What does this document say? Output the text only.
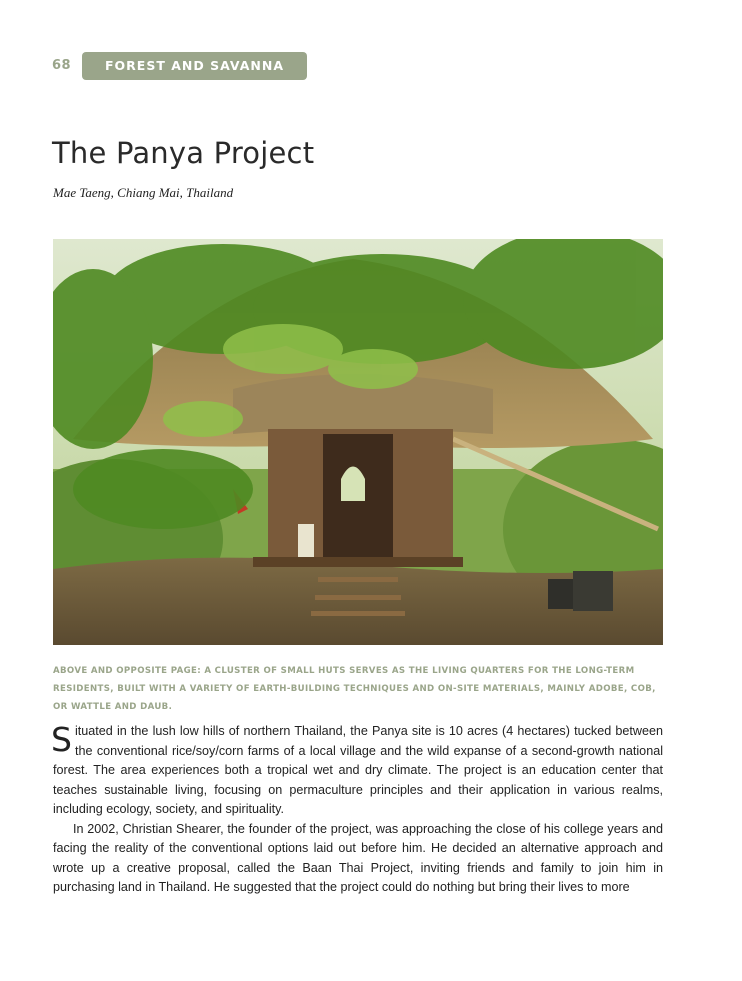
68	FOREST AND SAVANNA ZONES
The Panya Project
Mae Taeng, Chiang Mai, Thailand

ABOVE AND OPPOSITE PAGE: A CLUSTER OF SMALL HUTS SERVES AS THE LIVING QUARTERS FOR THE LONG-TERM RESIDENTS, BUILT WITH A VARIETY OF EARTH-BUILDING TECHNIQUES AND ON-SITE MATERIALS, MAINLY ADOBE, COB, OR WATTLE AND DAUB.

Situated in the lush low hills of northern Thailand, the Panya site is 10 acres (4 hectares) tucked between the conventional rice/soy/corn farms of a local village and the wild expanse of a second-growth national forest. The area experiences both a tropical wet and dry climate. The project is an education center that teaches sustainable living, focusing on permaculture principles and their application in various realms, including ecology, society, and spirituality.

In 2002, Christian Shearer, the founder of the project, was approaching the close of his college years and facing the reality of the conventional options laid out before him. He decided an alternative approach and wrote up a creative proposal, called the Baan Thai Project, inviting friends and family to join him in purchasing land in Thailand. He suggested that the project could do nothing but bring their lives to more
